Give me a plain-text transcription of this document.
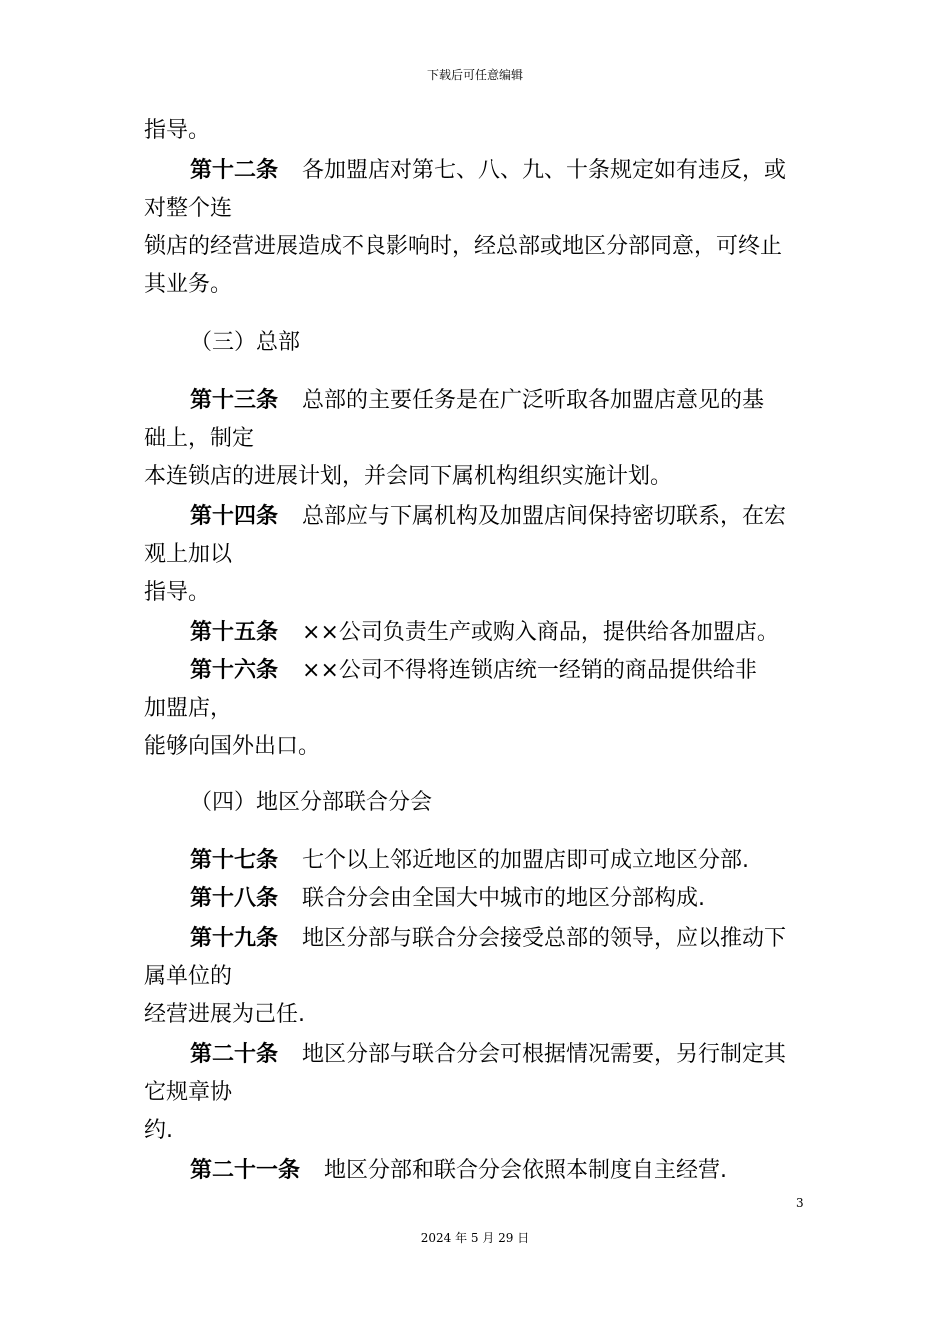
下载后可任意编辑
指导。
第十二条 各加盟店对第七、八、九、十条规定如有违反，或
对整个连
锁店的经营进展造成不良影响时，经总部或地区分部同意，可终止
其业务。
（三）总部
第十三条 总部的主要任务是在广泛听取各加盟店意见的基
础上，制定
本连锁店的进展计划，并会同下属机构组织实施计划。
第十四条 总部应与下属机构及加盟店间保持密切联系，在宏
观上加以
指导。
第十五条 ××公司负责生产或购入商品，提供给各加盟店。
第十六条 ××公司不得将连锁店统一经销的商品提供给非
加盟店，
能够向国外出口。
（四）地区分部联合分会
第十七条 七个以上邻近地区的加盟店即可成立地区分部.
第十八条 联合分会由全国大中城市的地区分部构成.
第十九条 地区分部与联合分会接受总部的领导，应以推动下
属单位的
经营进展为己任.
第二十条 地区分部与联合分会可根据情况需要，另行制定其
它规章协
约.
第二十一条 地区分部和联合分会依照本制度自主经营.
3
2024 年 5 月 29 日
